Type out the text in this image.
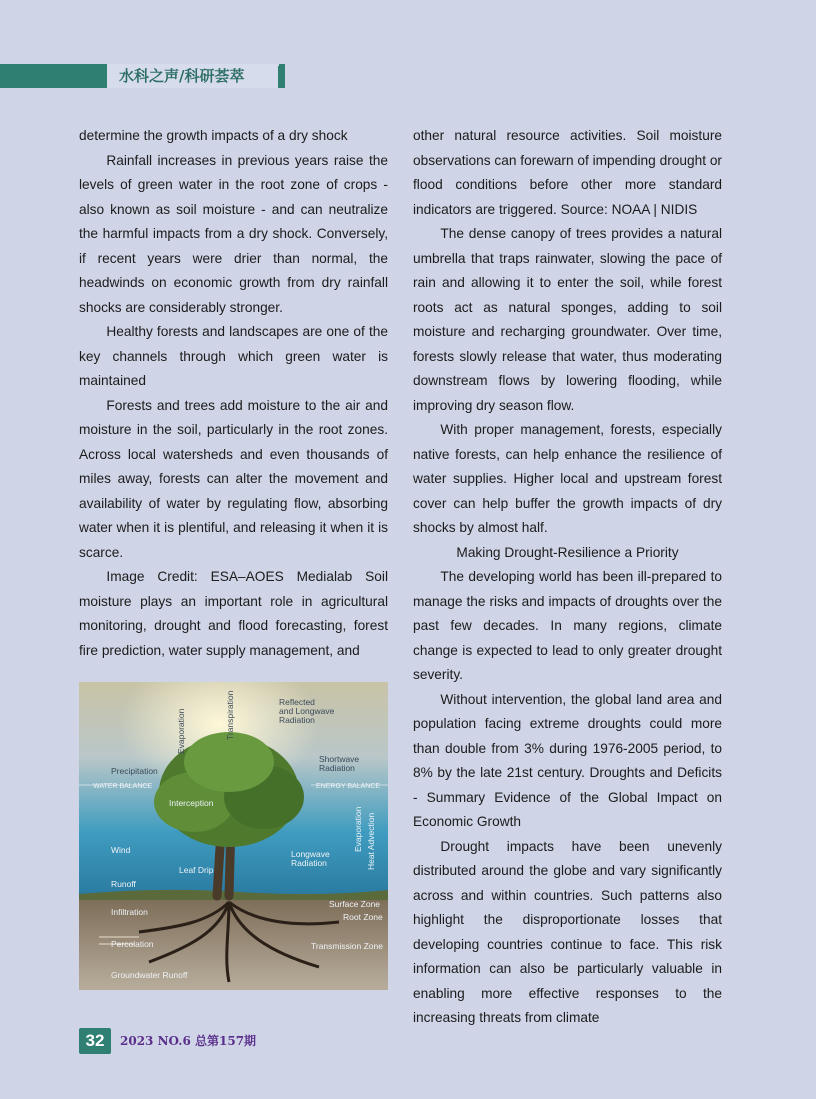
水科之声/科研荟萃

determine the growth impacts of a dry shock

Rainfall increases in previous years raise the levels of green water in the root zone of crops - also known as soil moisture - and can neutralize the harmful impacts from a dry shock. Conversely, if recent years were drier than normal, the headwinds on economic growth from dry rainfall shocks are considerably stronger.

Healthy forests and landscapes are one of the key channels through which green water is maintained

Forests and trees add moisture to the air and moisture in the soil, particularly in the root zones. Across local watersheds and even thousands of miles away, forests can alter the movement and availability of water by regulating flow, absorbing water when it is plentiful, and releasing it when it is scarce.

Image Credit: ESA–AOES Medialab Soil moisture plays an important role in agricultural monitoring, drought and flood forecasting, forest fire prediction, water supply management, and

Reflected
and Longwave
Radiation
Transpiration
Evaporation
Precipitation
WATER BALANCE
Shortwave
Radiation
ENERGY BALANCE
Interception
Evaporation Heat Advection
Wind
Leaf Drip
Longwave
Radiation
Runoff
Surface Zone
Infiltration	Root Zone
Percolation	Transmission Zone
Groundwater Runoff

other natural resource activities. Soil moisture observations can forewarn of impending drought or flood conditions before other more standard indicators are triggered. Source: NOAA | NIDIS

The dense canopy of trees provides a natural umbrella that traps rainwater, slowing the pace of rain and allowing it to enter the soil, while forest roots act as natural sponges, adding to soil moisture and recharging groundwater. Over time, forests slowly release that water, thus moderating downstream flows by lowering flooding, while improving dry season flow.

With proper management, forests, especially native forests, can help enhance the resilience of water supplies. Higher local and upstream forest cover can help buffer the growth impacts of dry shocks by almost half.

Making Drought-Resilience a Priority

The developing world has been ill-prepared to manage the risks and impacts of droughts over the past few decades. In many regions, climate change is expected to lead to only greater drought severity.

Without intervention, the global land area and population facing extreme droughts could more than double from 3% during 1976-2005 period, to 8% by the late 21st century. Droughts and Deficits - Summary Evidence of the Global Impact on Economic Growth

Drought impacts have been unevenly distributed around the globe and vary significantly across and within countries. Such patterns also highlight the disproportionate losses that developing countries continue to face. This risk information can also be particularly valuable in enabling more effective responses to the increasing threats from climate

32	2023 NO.6 总第157期
